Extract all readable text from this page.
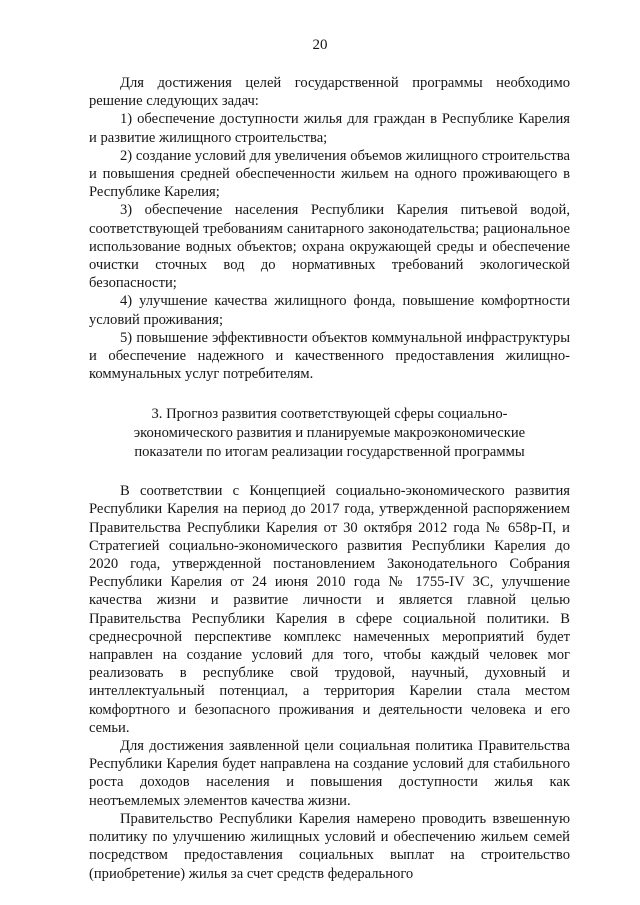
20

Для достижения целей государственной программы необходимо решение следующих задач:

1) обеспечение доступности жилья для граждан в Республике Карелия и развитие жилищного строительства;

2) создание условий для увеличения объемов жилищного строительства и повышения средней обеспеченности жильем на одного проживающего в Республике Карелия;

3) обеспечение населения Республики Карелия питьевой водой, соответствующей требованиям санитарного законодательства; рациональное использование водных объектов; охрана окружающей среды и обеспечение очистки сточных вод до нормативных требований экологической безопасности;

4) улучшение качества жилищного фонда, повышение комфортности условий проживания;

5) повышение эффективности объектов коммунальной инфраструктуры и обеспечение надежного и качественного предоставления жилищно-коммунальных услуг потребителям.

3. Прогноз развития соответствующей сферы социально-
экономического развития и планируемые макроэкономические
показатели по итогам реализации государственной программы

В соответствии с Концепцией социально-экономического развития Республики Карелия на период до 2017 года, утвержденной распоряжением Правительства Республики Карелия от 30 октября 2012 года № 658р-П, и Стратегией социально-экономического развития Республики Карелия до 2020 года, утвержденной постановлением Законодательного Собрания Республики Карелия от 24 июня 2010 года № 1755-IV ЗС, улучшение качества жизни и развитие личности и является главной целью Правительства Республики Карелия в сфере социальной политики. В среднесрочной перспективе комплекс намеченных мероприятий будет направлен на создание условий для того, чтобы каждый человек мог реализовать в республике свой трудовой, научный, духовный и интеллектуальный потенциал, а территория Карелии стала местом комфортного и безопасного проживания и деятельности человека и его семьи.

Для достижения заявленной цели социальная политика Правительства Республики Карелия будет направлена на создание условий для стабильного роста доходов населения и повышения доступности жилья как неотъемлемых элементов качества жизни.

Правительство Республики Карелия намерено проводить взвешенную политику по улучшению жилищных условий и обеспечению жильем семей посредством предоставления социальных выплат на строительство (приобретение) жилья за счет средств федерального
